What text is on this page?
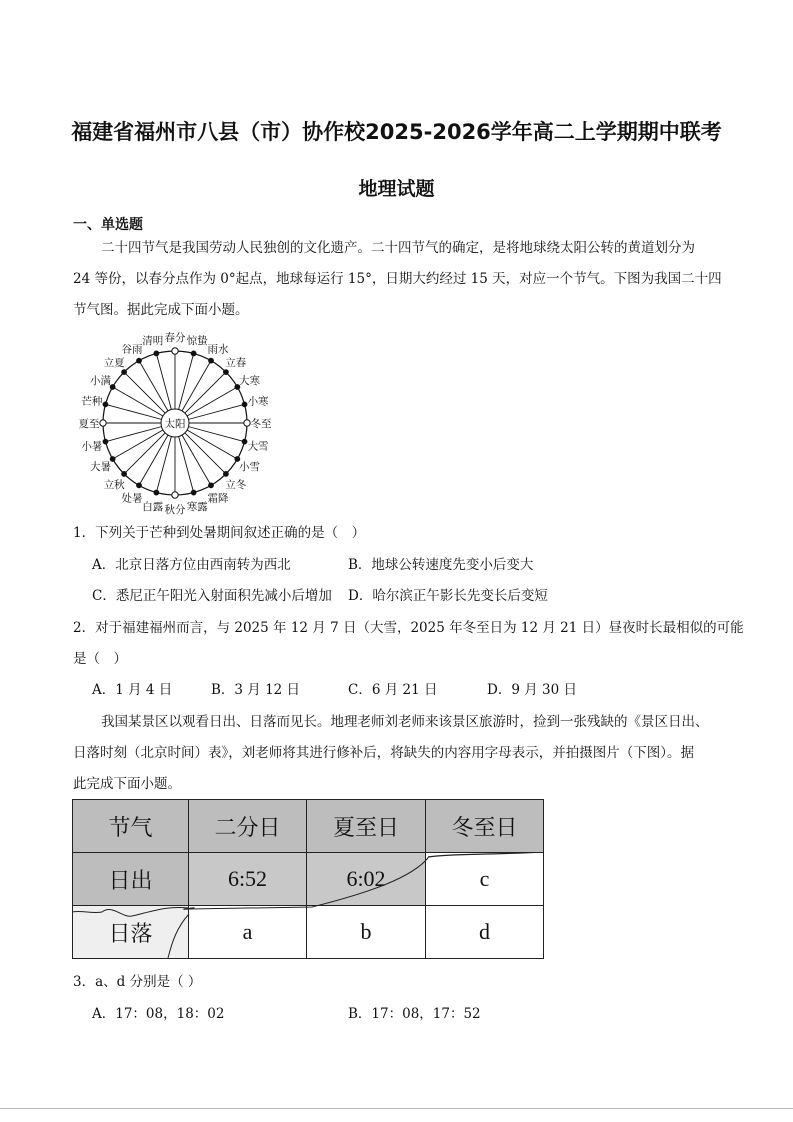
福建省福州市八县（市）协作校2025-2026学年高二上学期期中联考
地理试题
一、单选题
二十四节气是我国劳动人民独创的文化遗产。二十四节气的确定，是将地球绕太阳公转的黄道划分为
24 等份，以春分点作为 0°起点，地球每运行 15°，日期大约经过 15 天，对应一个节气。下图为我国二十四
节气图。据此完成下面小题。
太阳
春分 惊蛰
雨水
立春
大寒
小寒
冬至
大雪
小雪
立冬
霜降
寒露
秋分
白露
处暑
立秋
大暑
小暑
夏至
芒种
小满
立夏
谷雨
清明
1．下列关于芒种到处暑期间叙述正确的是（　）
A．北京日落方位由西南转为西北	B．地球公转速度先变小后变大
C．悉尼正午阳光入射面积先减小后增加 D．哈尔滨正午影长先变长后变短
2．对于福建福州而言，与 2025 年 12 月 7 日（大雪，2025 年冬至日为 12 月 21 日）昼夜时长最相似的可能
是（　）
A．1 月 4 日	B．3 月 12 日	C．6 月 21 日	D．9 月 30 日
我国某景区以观看日出、日落而见长。地理老师刘老师来该景区旅游时，捡到一张残缺的《景区日出、
日落时刻（北京时间）表》，刘老师将其进行修补后，将缺失的内容用字母表示，并拍摄图片（下图）。据
此完成下面小题。
节气	二分日	夏至日	冬至日
日出	6:52	6:02	c
日落	a	b	d
3．a、d 分别是（ ）
A．17：08，18：02	B．17：08，17：52
